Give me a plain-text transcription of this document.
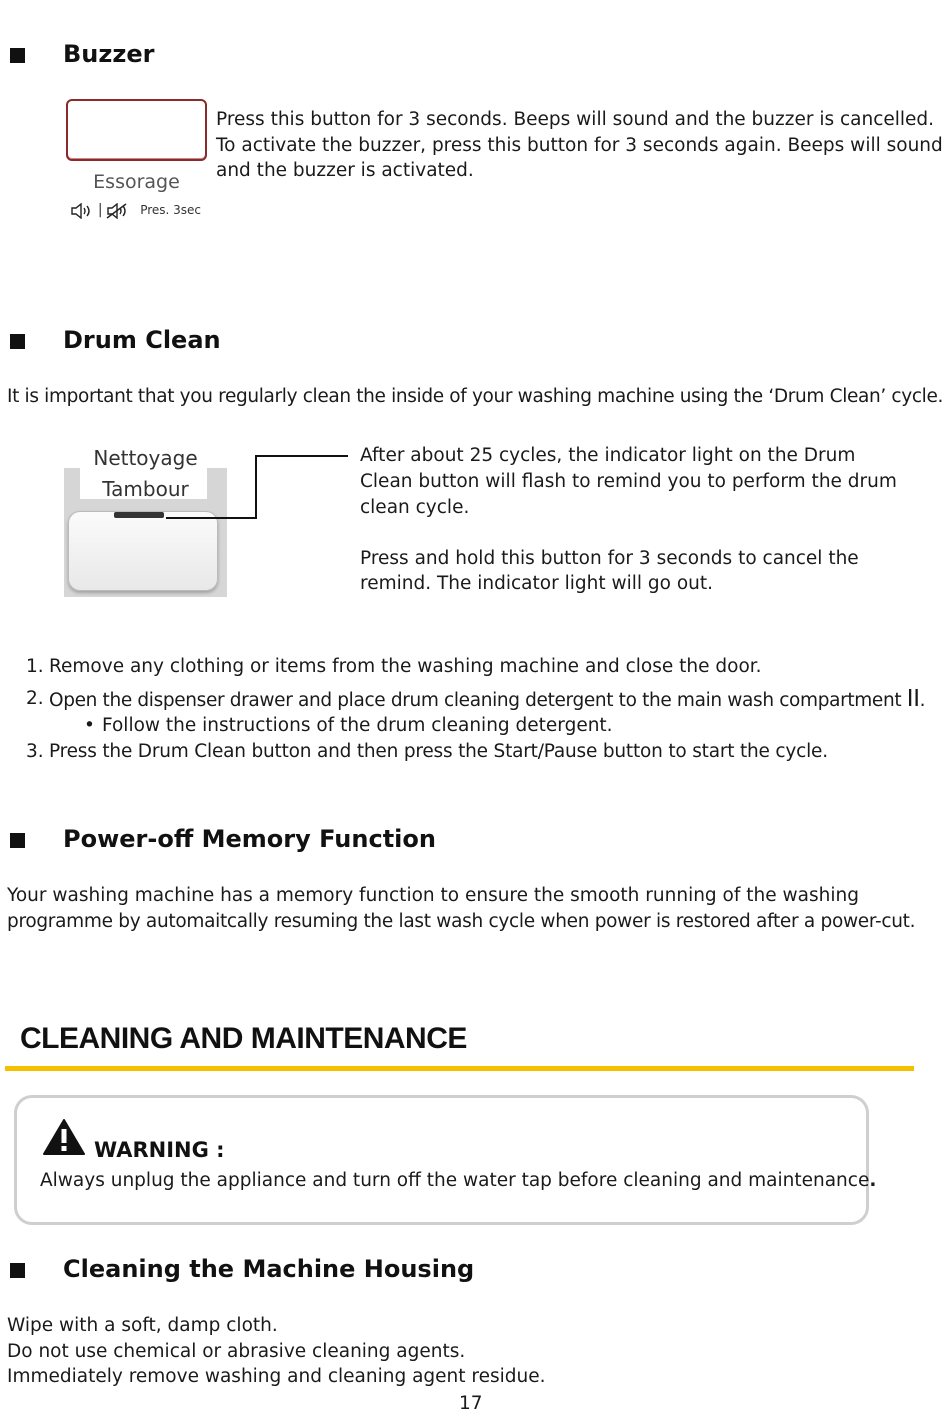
Buzzer
Essorage
|	Pres. 3sec
Press this button for 3 seconds. Beeps will sound and the buzzer is cancelled.
To activate the buzzer, press this button for 3 seconds again. Beeps will sound
and the buzzer is activated.
Drum Clean
It is important that you regularly clean the inside of your washing machine using the ‘Drum Clean’ cycle.
Nettoyage
Tambour
After about 25 cycles, the indicator light on the Drum
Clean button will flash to remind you to perform the drum
clean cycle.
Press and hold this button for 3 seconds to cancel the
remind. The indicator light will go out.
1. Remove any clothing or items from the washing machine and close the door.
2. Open the dispenser drawer and place drum cleaning detergent to the main wash compartment II.
• Follow the instructions of the drum cleaning detergent.
3. Press the Drum Clean button and then press the Start/Pause button to start the cycle.
Power-off Memory Function
Your washing machine has a memory function to ensure the smooth running of the washing
programme by automaitcally resuming the last wash cycle when power is restored after a power-cut.
CLEANING AND MAINTENANCE
WARNING :
Always unplug the appliance and turn off the water tap before cleaning and maintenance.
Cleaning the Machine Housing
Wipe with a soft, damp cloth.
Do not use chemical or abrasive cleaning agents.
Immediately remove washing and cleaning agent residue.
17
